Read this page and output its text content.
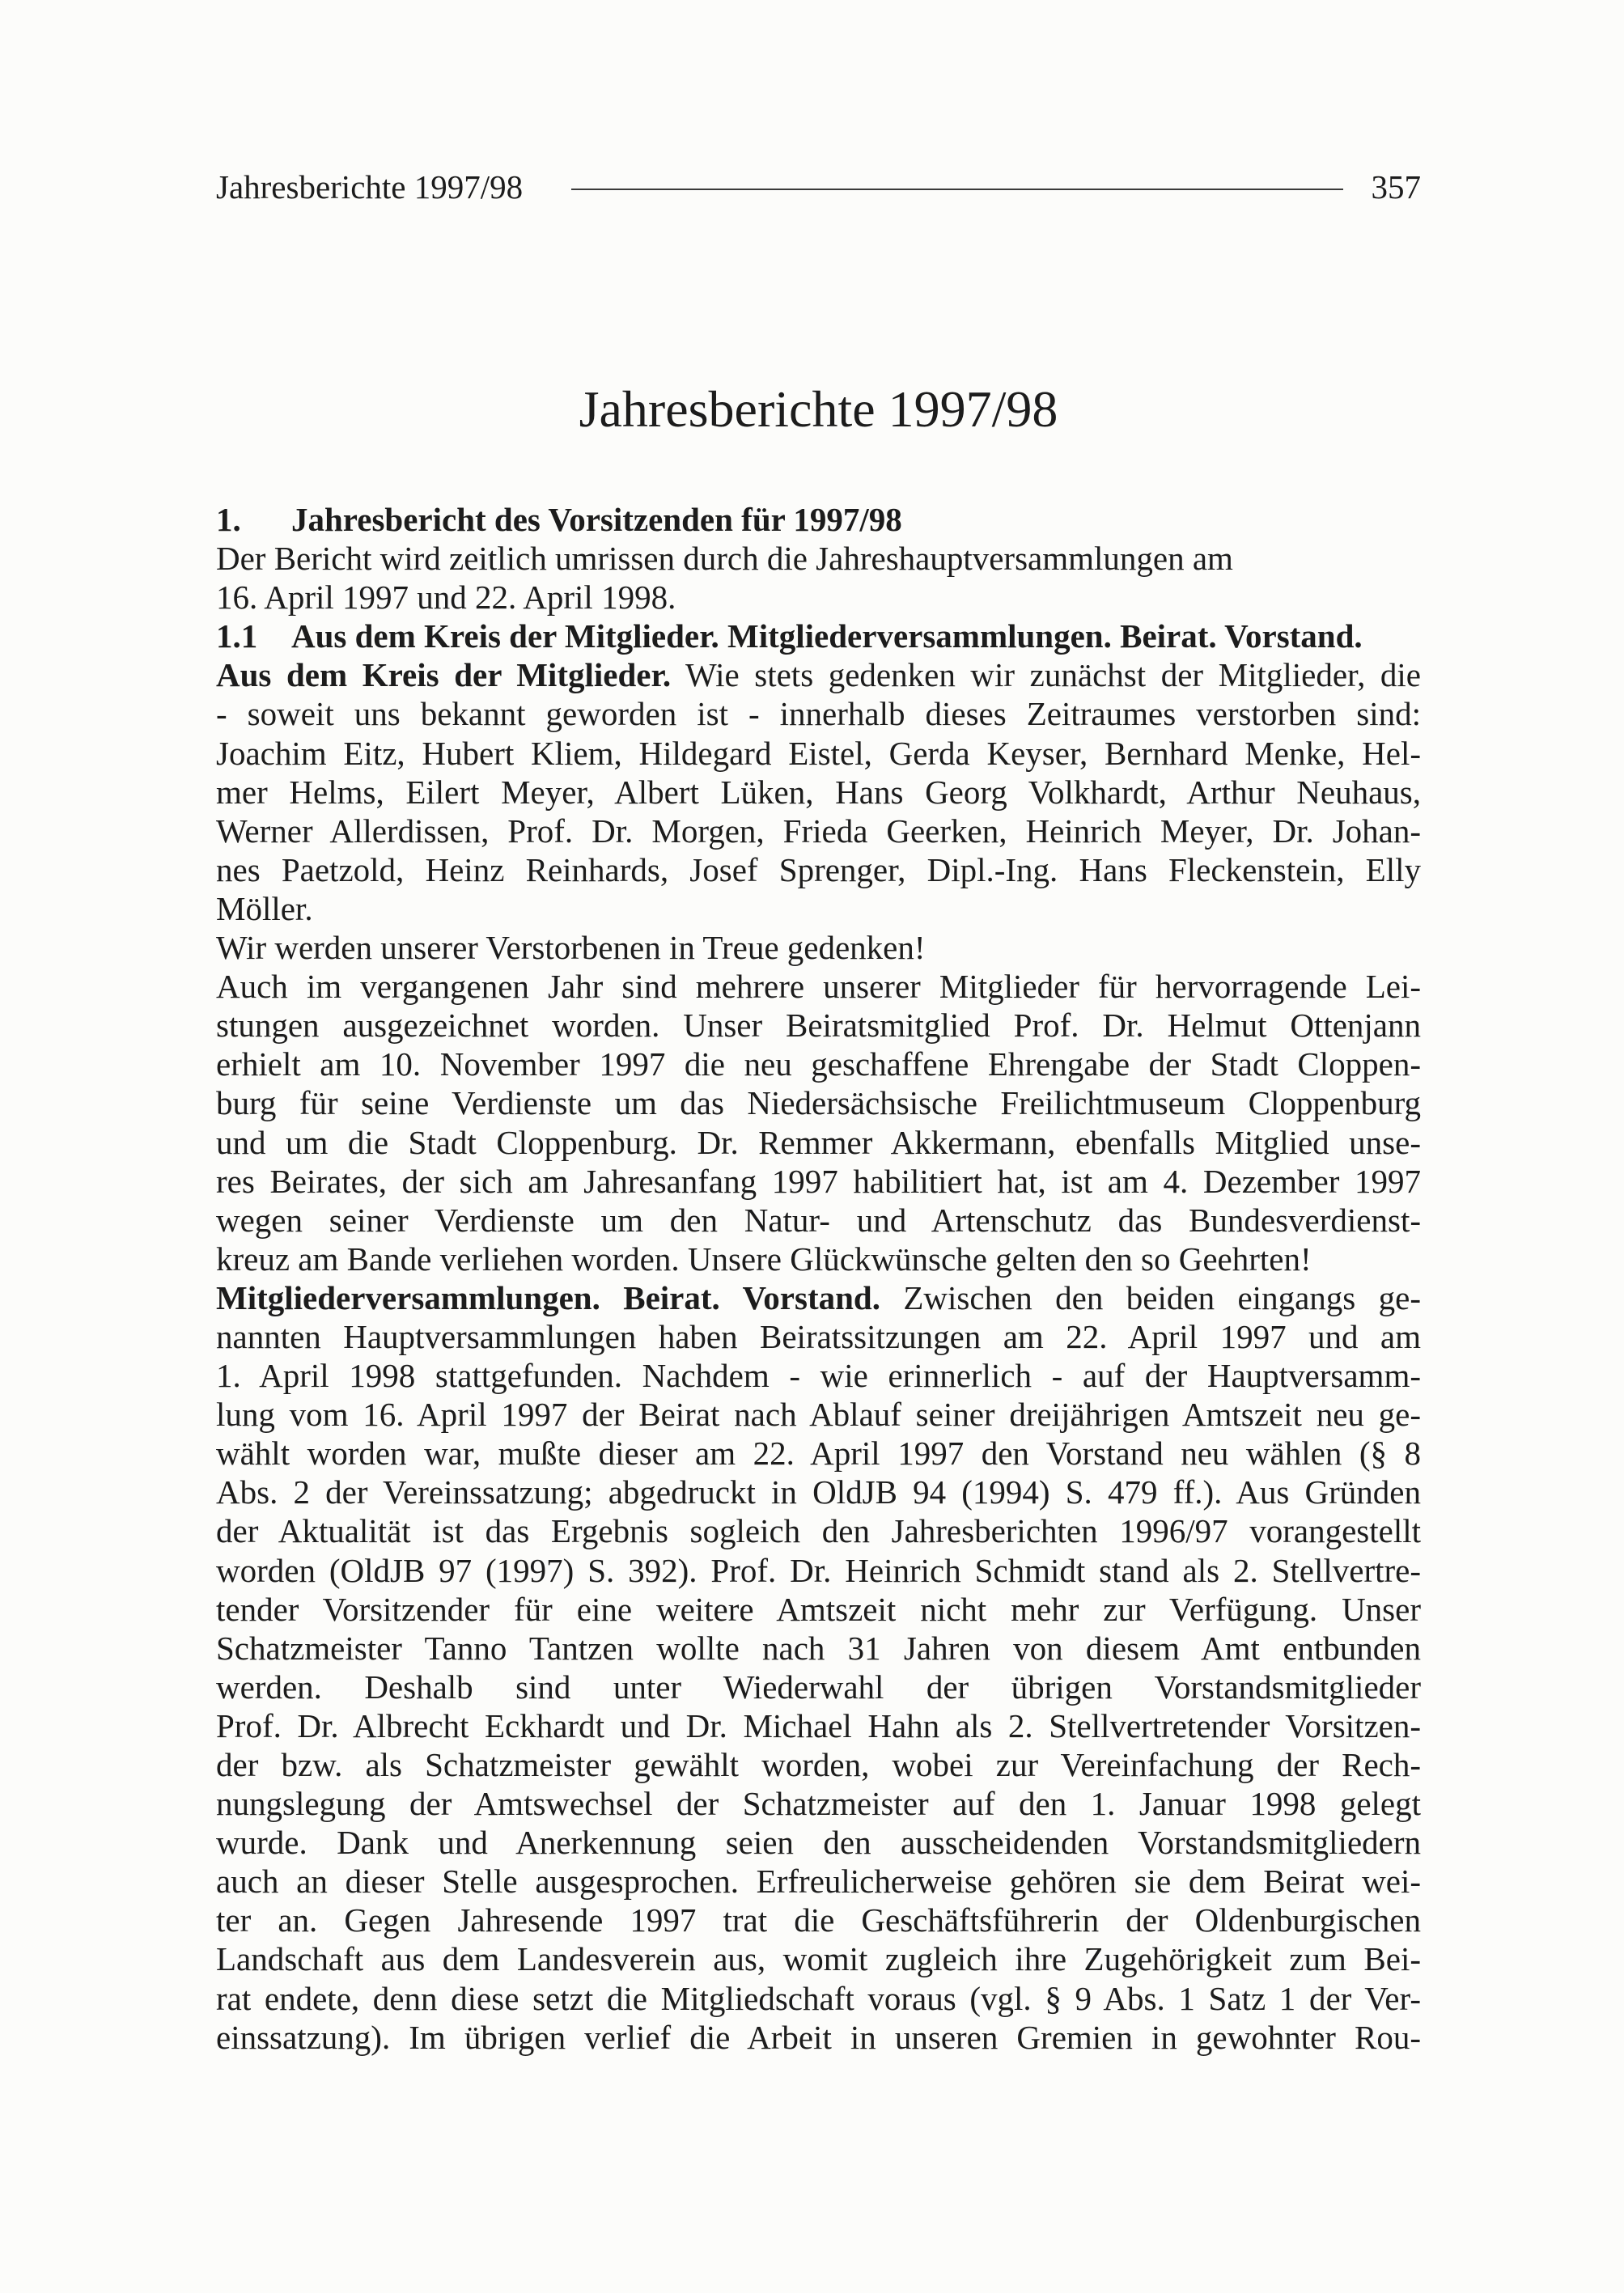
Jahresberichte 1997/98	357
Jahresberichte 1997/98
1. Jahresbericht des Vorsitzenden für 1997/98
Der Bericht wird zeitlich umrissen durch die Jahreshauptversammlungen am
16. April 1997 und 22. April 1998.
1.1 Aus dem Kreis der Mitglieder. Mitgliederversammlungen. Beirat. Vorstand.
Aus dem Kreis der Mitglieder. Wie stets gedenken wir zunächst der Mitglieder, die
- soweit uns bekannt geworden ist - innerhalb dieses Zeitraumes verstorben sind:
Joachim Eitz, Hubert Kliem, Hildegard Eistel, Gerda Keyser, Bernhard Menke, Hel-
mer Helms, Eilert Meyer, Albert Lüken, Hans Georg Volkhardt, Arthur Neuhaus,
Werner Allerdissen, Prof. Dr. Morgen, Frieda Geerken, Heinrich Meyer, Dr. Johan-
nes Paetzold, Heinz Reinhards, Josef Sprenger, Dipl.-Ing. Hans Fleckenstein, Elly
Möller.
Wir werden unserer Verstorbenen in Treue gedenken!
Auch im vergangenen Jahr sind mehrere unserer Mitglieder für hervorragende Lei-
stungen ausgezeichnet worden. Unser Beiratsmitglied Prof. Dr. Helmut Ottenjann
erhielt am 10. November 1997 die neu geschaffene Ehrengabe der Stadt Cloppen-
burg für seine Verdienste um das Niedersächsische Freilichtmuseum Cloppenburg
und um die Stadt Cloppenburg. Dr. Remmer Akkermann, ebenfalls Mitglied unse-
res Beirates, der sich am Jahresanfang 1997 habilitiert hat, ist am 4. Dezember 1997
wegen seiner Verdienste um den Natur- und Artenschutz das Bundesverdienst-
kreuz am Bande verliehen worden. Unsere Glückwünsche gelten den so Geehrten!
Mitgliederversammlungen. Beirat. Vorstand. Zwischen den beiden eingangs ge-
nannten Hauptversammlungen haben Beiratssitzungen am 22. April 1997 und am
1. April 1998 stattgefunden. Nachdem - wie erinnerlich - auf der Hauptversamm-
lung vom 16. April 1997 der Beirat nach Ablauf seiner dreijährigen Amtszeit neu ge-
wählt worden war, mußte dieser am 22. April 1997 den Vorstand neu wählen (§ 8
Abs. 2 der Vereinssatzung; abgedruckt in OldJB 94 (1994) S. 479 ff.). Aus Gründen
der Aktualität ist das Ergebnis sogleich den Jahresberichten 1996/97 vorangestellt
worden (OldJB 97 (1997) S. 392). Prof. Dr. Heinrich Schmidt stand als 2. Stellvertre-
tender Vorsitzender für eine weitere Amtszeit nicht mehr zur Verfügung. Unser
Schatzmeister Tanno Tantzen wollte nach 31 Jahren von diesem Amt entbunden
werden. Deshalb sind unter Wiederwahl der übrigen Vorstandsmitglieder
Prof. Dr. Albrecht Eckhardt und Dr. Michael Hahn als 2. Stellvertretender Vorsitzen-
der bzw. als Schatzmeister gewählt worden, wobei zur Vereinfachung der Rech-
nungslegung der Amtswechsel der Schatzmeister auf den 1. Januar 1998 gelegt
wurde. Dank und Anerkennung seien den ausscheidenden Vorstandsmitgliedern
auch an dieser Stelle ausgesprochen. Erfreulicherweise gehören sie dem Beirat wei-
ter an. Gegen Jahresende 1997 trat die Geschäftsführerin der Oldenburgischen
Landschaft aus dem Landesverein aus, womit zugleich ihre Zugehörigkeit zum Bei-
rat endete, denn diese setzt die Mitgliedschaft voraus (vgl. § 9 Abs. 1 Satz 1 der Ver-
einssatzung). Im übrigen verlief die Arbeit in unseren Gremien in gewohnter Rou-
